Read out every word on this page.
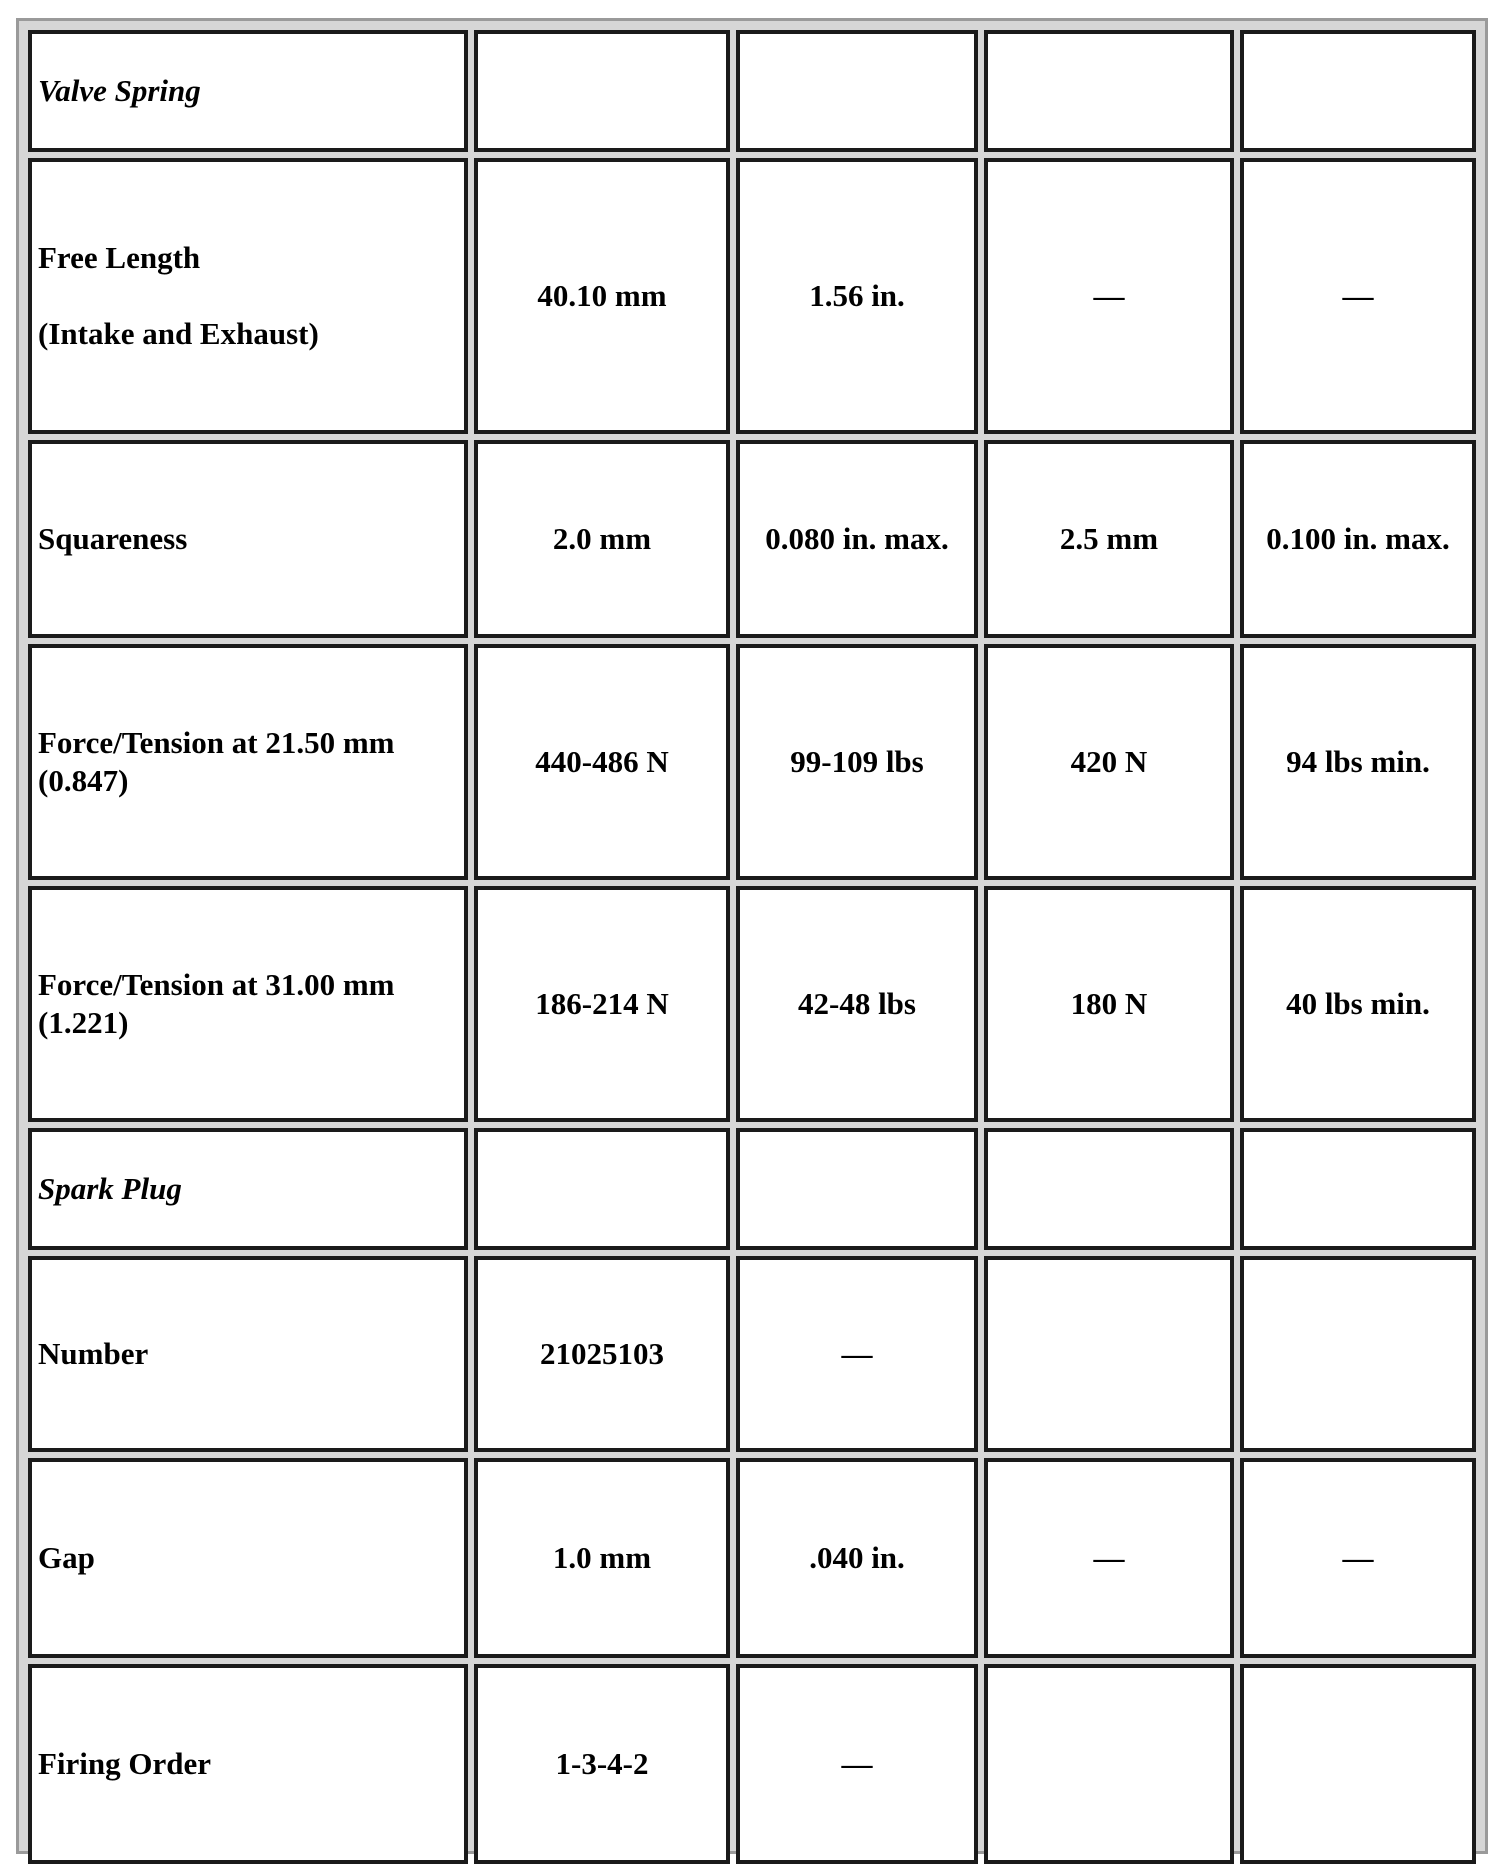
Valve Spring				

Free Length
(Intake and Exhaust)	40.10 mm	1.56 in.	—	—
Squareness	2.0 mm	0.080 in. max.	2.5 mm	0.100 in. max.
Force/Tension at 21.50 mm (0.847)	440-486 N	99-109 lbs	420 N	94 lbs min.
Force/Tension at 31.00 mm (1.221)	186-214 N	42-48 lbs	180 N	40 lbs min.
Spark Plug				
Number	21025103	—		
Gap	1.0 mm	.040 in.	—	—
Firing Order	1-3-4-2	—		
